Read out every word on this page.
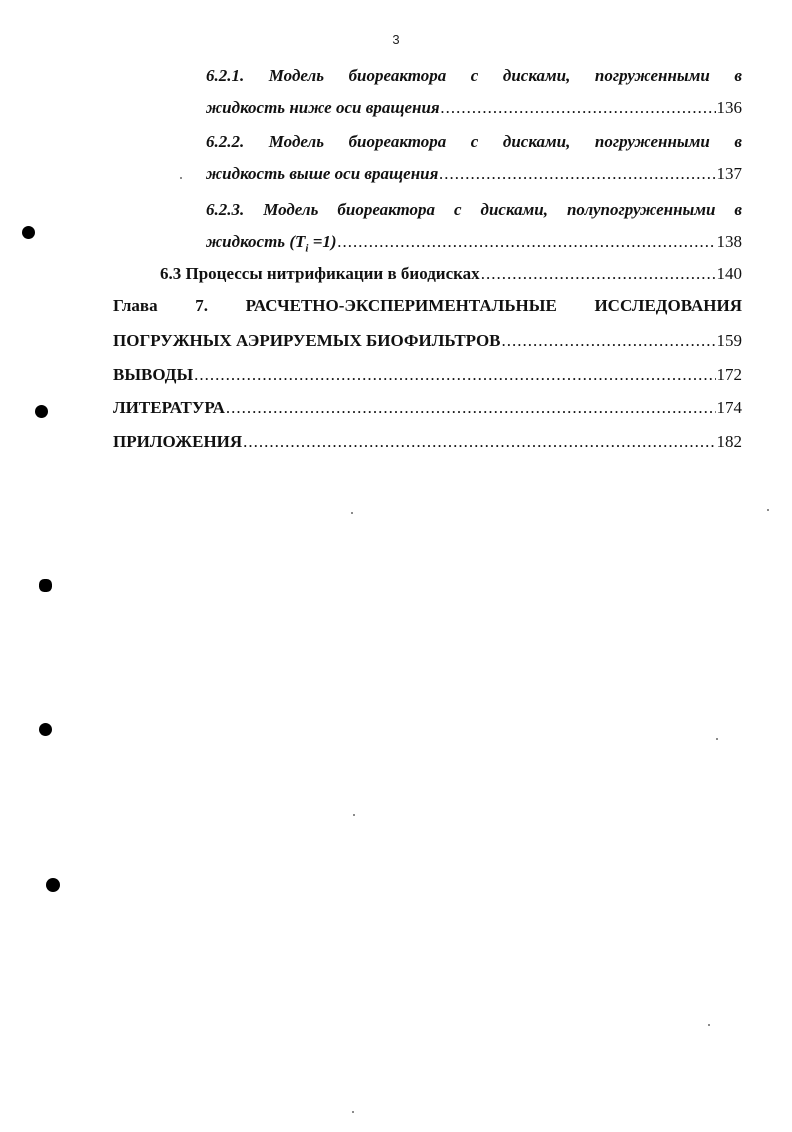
3
6.2.1. Модель биореактора с дисками, погруженными в
жидкость ниже оси вращения .....	136
6.2.2. Модель биореактора с дисками, погруженными в
жидкость выше оси вращения .....	137
6.2.3. Модель биореактора с дисками, полупогруженными в
жидкость $(T_i =1)$ .....	138
6.3 Процессы нитрификации в биодисках .....	140
Глава 7. РАСЧЕТНО-ЭКСПЕРИМЕНТАЛЬНЫЕ ИССЛЕДОВАНИЯ
ПОГРУЖНЫХ АЭРИРУЕМЫХ БИОФИЛЬТРОВ .....	159
ВЫВОДЫ .....	172
ЛИТЕРАТУРА .....	174
ПРИЛОЖЕНИЯ .....	182
